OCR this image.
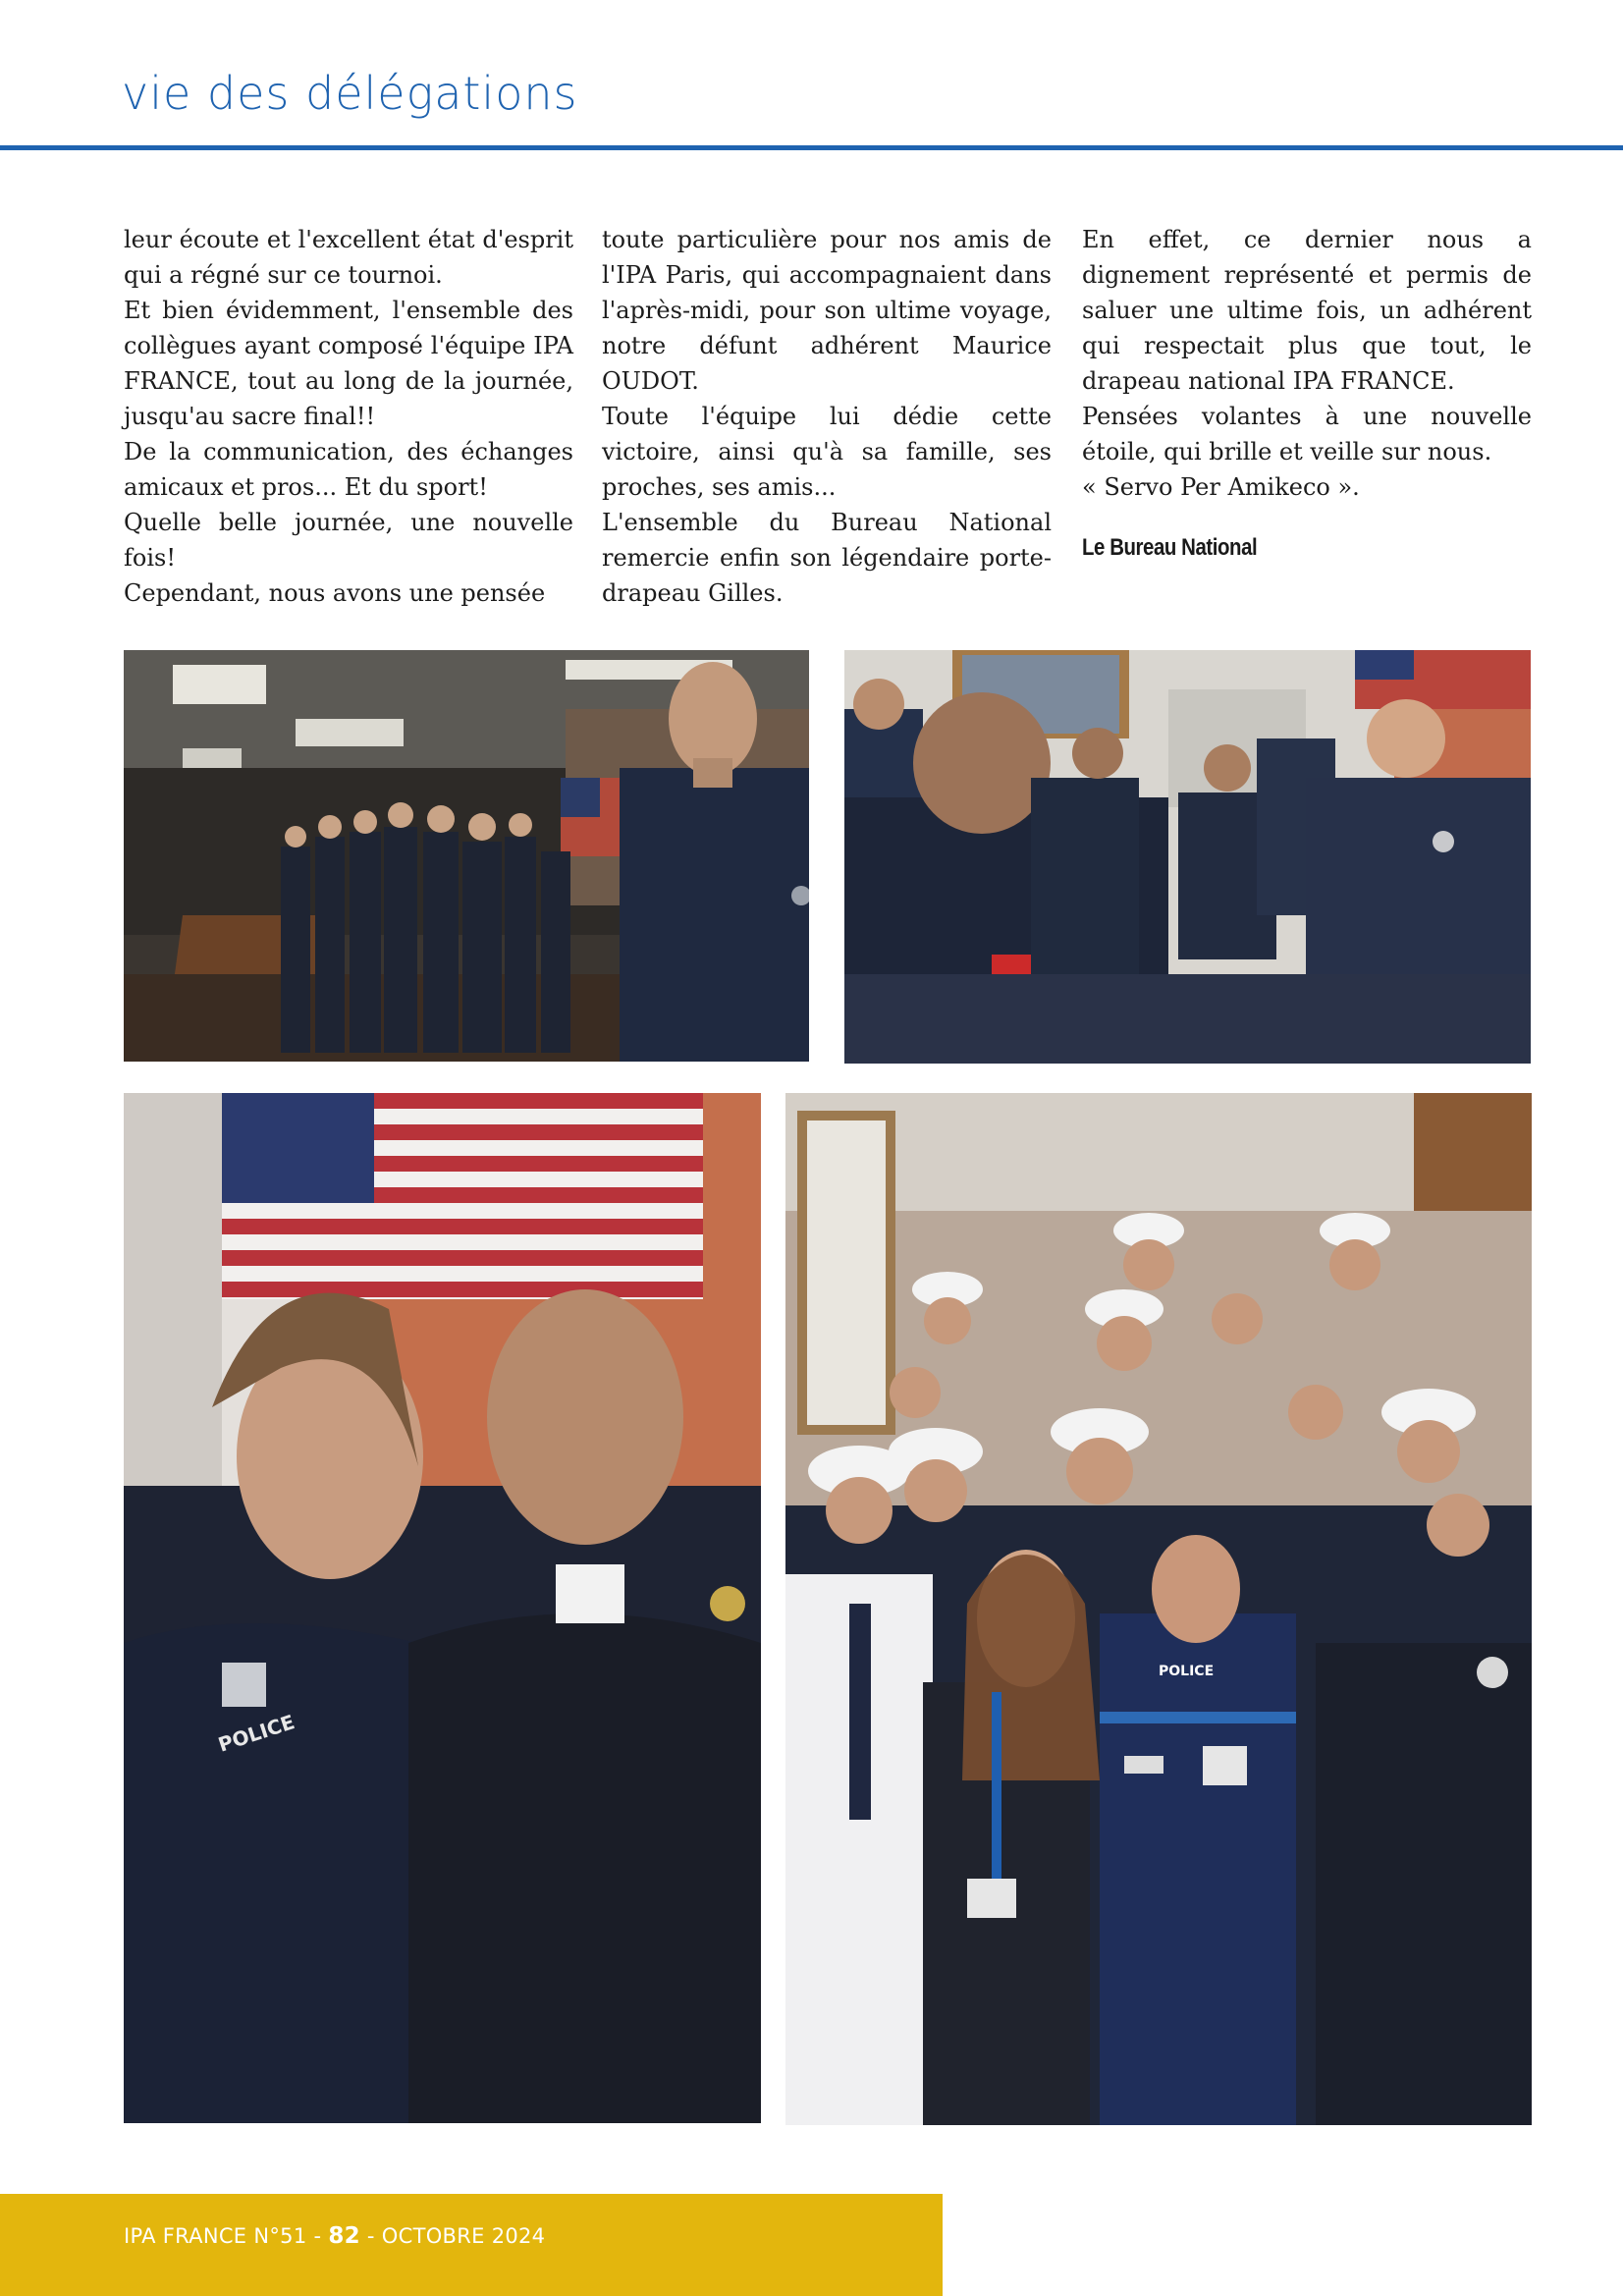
vie des délégations

leur écoute et l'excellent état d'esprit qui a régné sur ce tournoi.

Et bien évidemment, l'ensemble des collègues ayant composé l'équipe IPA FRANCE, tout au long de la journée, jusqu'au sacre final!!

De la communication, des échanges amicaux et pros... Et du sport!

Quelle belle journée, une nouvelle fois!

Cependant, nous avons une pensée

toute particulière pour nos amis de l'IPA Paris, qui accompagnaient dans l'après-midi, pour son ultime voyage, notre défunt adhérent Maurice OUDOT.

Toute l'équipe lui dédie cette victoire, ainsi qu'à sa famille, ses proches, ses amis...

L'ensemble du Bureau National remercie enfin son légendaire porte-drapeau Gilles.

En effet, ce dernier nous a dignement représenté et permis de saluer une ultime fois, un adhérent qui respectait plus que tout, le drapeau national IPA FRANCE.

Pensées volantes à une nouvelle étoile, qui brille et veille sur nous.

« Servo Per Amikeco ».

Le Bureau National

POLICE
POLICE
IPA FRANCE N°51 - 82 - OCTOBRE 2024
